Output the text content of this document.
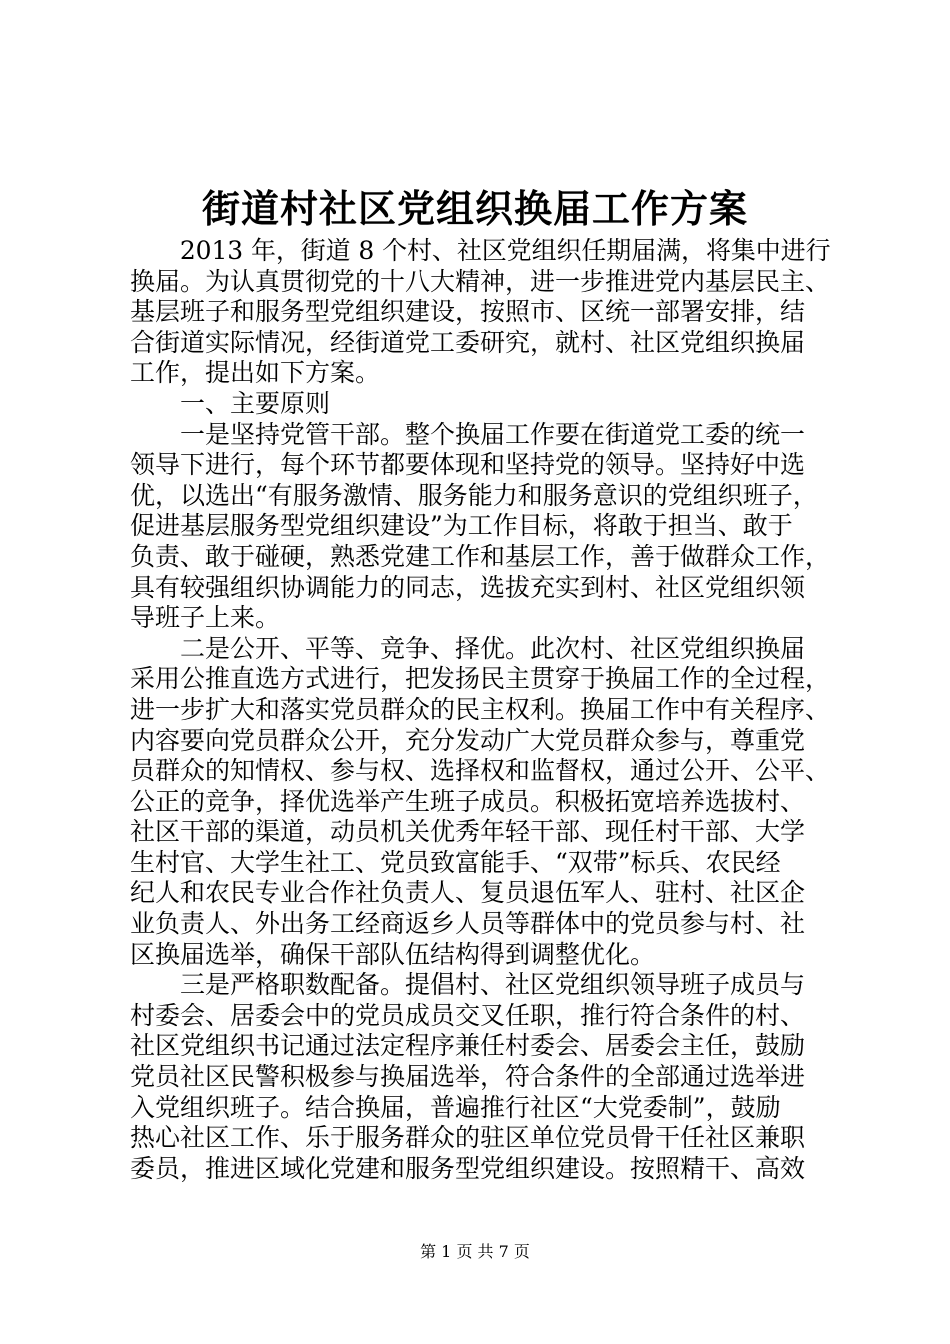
街道村社区党组织换届工作方案
　　2013 年，街道 8 个村、社区党组织任期届满，将集中进行
换届。为认真贯彻党的十八大精神，进一步推进党内基层民主、
基层班子和服务型党组织建设，按照市、区统一部署安排，结
合街道实际情况，经街道党工委研究，就村、社区党组织换届
工作，提出如下方案。
　　一、主要原则
　　一是坚持党管干部。整个换届工作要在街道党工委的统一
领导下进行，每个环节都要体现和坚持党的领导。坚持好中选
优，以选出“有服务激情、服务能力和服务意识的党组织班子，
促进基层服务型党组织建设”为工作目标，将敢于担当、敢于
负责、敢于碰硬，熟悉党建工作和基层工作，善于做群众工作，
具有较强组织协调能力的同志，选拔充实到村、社区党组织领
导班子上来。
　　二是公开、平等、竞争、择优。此次村、社区党组织换届
采用公推直选方式进行，把发扬民主贯穿于换届工作的全过程，
进一步扩大和落实党员群众的民主权利。换届工作中有关程序、
内容要向党员群众公开，充分发动广大党员群众参与，尊重党
员群众的知情权、参与权、选择权和监督权，通过公开、公平、
公正的竞争，择优选举产生班子成员。积极拓宽培养选拔村、
社区干部的渠道，动员机关优秀年轻干部、现任村干部、大学
生村官、大学生社工、党员致富能手、“双带”标兵、农民经
纪人和农民专业合作社负责人、复员退伍军人、驻村、社区企
业负责人、外出务工经商返乡人员等群体中的党员参与村、社
区换届选举，确保干部队伍结构得到调整优化。
　　三是严格职数配备。提倡村、社区党组织领导班子成员与
村委会、居委会中的党员成员交叉任职，推行符合条件的村、
社区党组织书记通过法定程序兼任村委会、居委会主任，鼓励
党员社区民警积极参与换届选举，符合条件的全部通过选举进
入党组织班子。结合换届，普遍推行社区“大党委制”，鼓励
热心社区工作、乐于服务群众的驻区单位党员骨干任社区兼职
委员，推进区域化党建和服务型党组织建设。按照精干、高效
第 1 页 共 7 页
